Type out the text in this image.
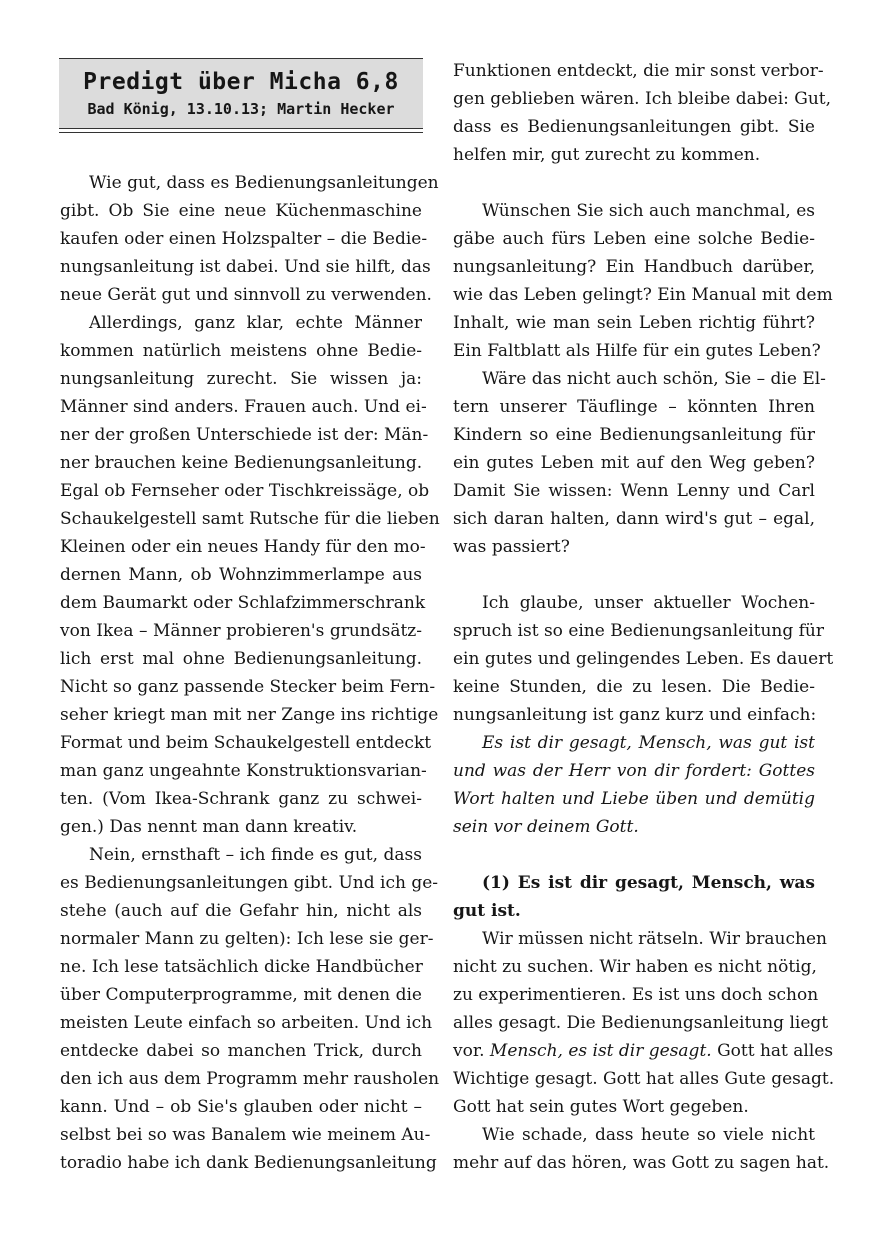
Predigt über Micha 6,8
Bad König, 13.10.13; Martin Hecker

Wie gut, dass es Bedienungsanleitungen
gibt. Ob Sie eine neue Küchenmaschine
kaufen oder einen Holzspalter – die Bedie-
nungsanleitung ist dabei. Und sie hilft, das
neue Gerät gut und sinnvoll zu verwenden.

Allerdings, ganz klar, echte Männer
kommen natürlich meistens ohne Bedie-
nungsanleitung zurecht. Sie wissen ja:
Männer sind anders. Frauen auch. Und ei-
ner der großen Unterschiede ist der: Män-
ner brauchen keine Bedienungsanleitung.
Egal ob Fernseher oder Tischkreissäge, ob
Schaukelgestell samt Rutsche für die lieben
Kleinen oder ein neues Handy für den mo-
dernen Mann, ob Wohnzimmerlampe aus
dem Baumarkt oder Schlafzimmerschrank
von Ikea – Männer probieren's grundsätz-
lich erst mal ohne Bedienungsanleitung.
Nicht so ganz passende Stecker beim Fern-
seher kriegt man mit ner Zange ins richtige
Format und beim Schaukelgestell entdeckt
man ganz ungeahnte Konstruktionsvarian-
ten. (Vom Ikea-Schrank ganz zu schwei-
gen.) Das nennt man dann kreativ.

Nein, ernsthaft – ich finde es gut, dass
es Bedienungsanleitungen gibt. Und ich ge-
stehe (auch auf die Gefahr hin, nicht als
normaler Mann zu gelten): Ich lese sie ger-
ne. Ich lese tatsächlich dicke Handbücher
über Computerprogramme, mit denen die
meisten Leute einfach so arbeiten. Und ich
entdecke dabei so manchen Trick, durch
den ich aus dem Programm mehr rausholen
kann. Und – ob Sie's glauben oder nicht –
selbst bei so was Banalem wie meinem Au-
toradio habe ich dank Bedienungsanleitung

Funktionen entdeckt, die mir sonst verbor-
gen geblieben wären. Ich bleibe dabei: Gut,
dass es Bedienungsanleitungen gibt. Sie
helfen mir, gut zurecht zu kommen.

Wünschen Sie sich auch manchmal, es
gäbe auch fürs Leben eine solche Bedie-
nungsanleitung? Ein Handbuch darüber,
wie das Leben gelingt? Ein Manual mit dem
Inhalt, wie man sein Leben richtig führt?
Ein Faltblatt als Hilfe für ein gutes Leben?

Wäre das nicht auch schön, Sie – die El-
tern unserer Täuflinge – könnten Ihren
Kindern so eine Bedienungsanleitung für
ein gutes Leben mit auf den Weg geben?
Damit Sie wissen: Wenn Lenny und Carl
sich daran halten, dann wird's gut – egal,
was passiert?

Ich glaube, unser aktueller Wochen-
spruch ist so eine Bedienungsanleitung für
ein gutes und gelingendes Leben. Es dauert
keine Stunden, die zu lesen. Die Bedie-
nungsanleitung ist ganz kurz und einfach:

Es ist dir gesagt, Mensch, was gut ist
und was der Herr von dir fordert: Gottes
Wort halten und Liebe üben und demütig
sein vor deinem Gott.

(1) Es ist dir gesagt, Mensch, was
gut ist.

Wir müssen nicht rätseln. Wir brauchen
nicht zu suchen. Wir haben es nicht nötig,
zu experimentieren. Es ist uns doch schon
alles gesagt. Die Bedienungsanleitung liegt
vor. Mensch, es ist dir gesagt. Gott hat alles
Wichtige gesagt. Gott hat alles Gute gesagt.
Gott hat sein gutes Wort gegeben.

Wie schade, dass heute so viele nicht
mehr auf das hören, was Gott zu sagen hat.
